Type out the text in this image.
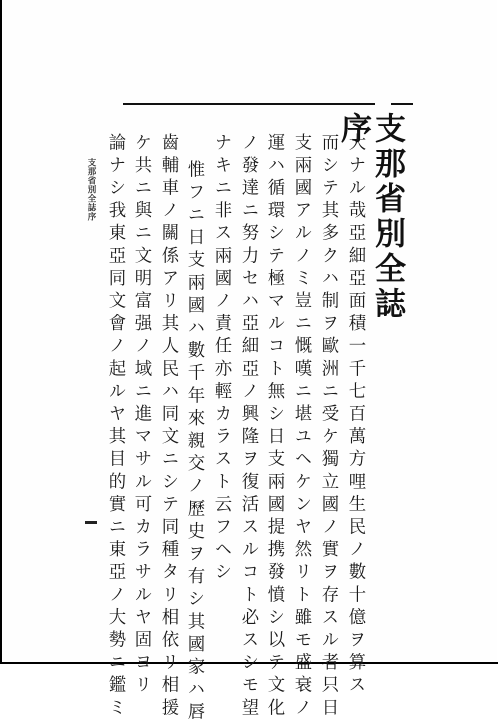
支那省別全誌序
大ナル哉亞細亞面積一千七百萬方哩生民ノ數十億ヲ算ス
而シテ其多クハ制ヲ歐洲ニ受ケ獨立國ノ實ヲ存スル者只日
支兩國アルノミ豈ニ慨嘆ニ堪ユヘケンヤ然リト雖モ盛衰ノ
運ハ循環シテ極マルコト無シ日支兩國提携發憤シ以テ文化
ノ發達ニ努力セハ亞細亞ノ興隆ヲ復活スルコト必スシモ望
ナキニ非ス兩國ノ責任亦輕カラスト云フヘシ
惟フニ日支兩國ハ數千年來親交ノ歷史ヲ有シ其國家ハ唇
齒輔車ノ關係アリ其人民ハ同文ニシテ同種タリ相依リ相援
ケ共ニ與ニ文明富强ノ域ニ進マサル可カラサルヤ固ヨリ
論ナシ我東亞同文會ノ起ルヤ其目的實ニ東亞ノ大勢ニ鑑ミ
支那省別全誌序
